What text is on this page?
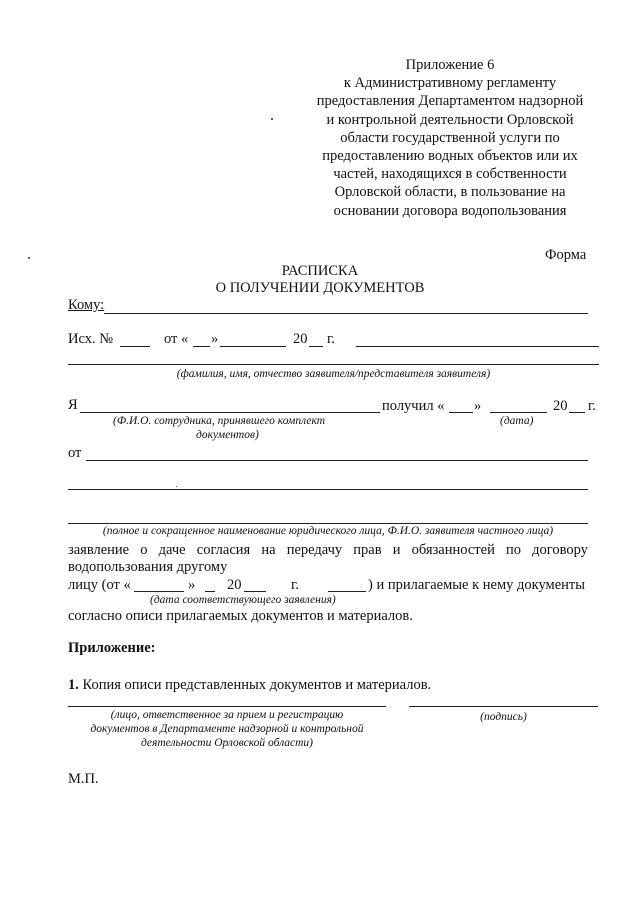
Приложение 6
к Административному регламенту
предоставления Департаментом надзорной
и контрольной деятельности Орловской
области государственной услуги по
предоставлению водных объектов или их
частей, находящихся в собственности
Орловской области, в пользование на
основании договора водопользования
Форма
РАСПИСКА
О ПОЛУЧЕНИИ ДОКУМЕНТОВ
Кому:
Исх. №	от « »	20 г.
(фамилия, имя, отчество заявителя/представителя заявителя)
Я	получил « »	20 г.
(Ф.И.О. сотрудника, принявшего комплект
документов)
(дата)
от
(полное и сокращенное наименование юридического лица, Ф.И.О. заявителя частного лица)
заявление о даче согласия на передачу прав и обязанностей по договору
водопользования другому
лицу (от «	» 20	г.	) и прилагаемые к нему документы
(дата соответствующего заявления)
согласно описи прилагаемых документов и материалов.
Приложение:
1. Копия описи представленных документов и материалов.
(лицо, ответственное за прием и регистрацию
документов в Департаменте надзорной и контрольной
деятельности Орловской области)
(подпись)
М.П.
